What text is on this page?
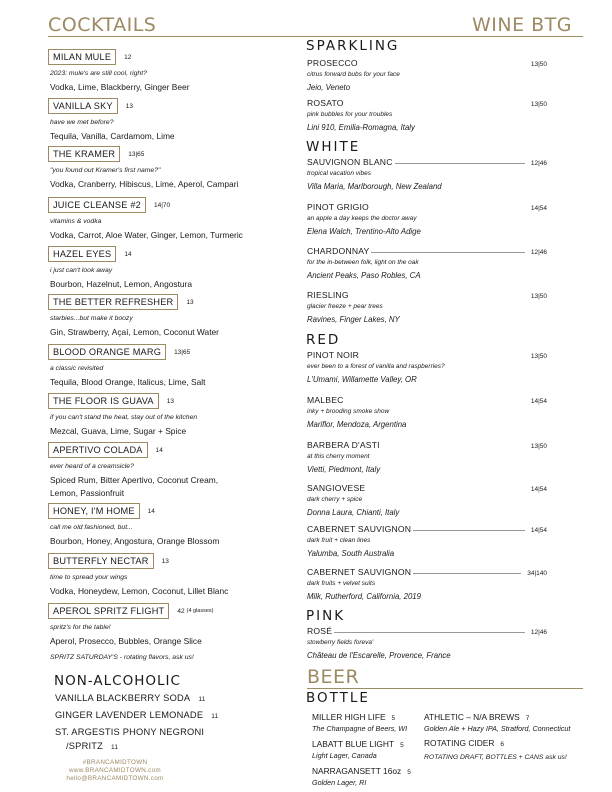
COCKTAILS	WINE BTG
MILAN MULE	12
2023: mule's are still cool, right?
Vodka, Lime, Blackberry, Ginger Beer
VANILLA SKY	13
have we met before?
Tequila, Vanilla, Cardamom, Lime
THE KRAMER	13|65
"you found out Kramer's first name?"
Vodka, Cranberry, Hibiscus, Lime, Aperol, Campari
JUICE CLEANSE #2	14|70
vitamins & vodka
Vodka, Carrot, Aloe Water, Ginger, Lemon, Turmeric
HAZEL EYES	14
i just can't look away
Bourbon, Hazelnut, Lemon, Angostura
THE BETTER REFRESHER	13
starbies...but make it boozy
Gin, Strawberry, Açaí, Lemon, Coconut Water
BLOOD ORANGE MARG	13|65
a classic revisited
Tequila, Blood Orange, Italicus, Lime, Salt
THE FLOOR IS GUAVA	13
if you can't stand the heat, stay out of the kitchen
Mezcal, Guava, Lime, Sugar + Spice
APERTIVO COLADA	14
ever heard of a creamsicle?
Spiced Rum, Bitter Apertivo, Coconut Cream,
Lemon, Passionfruit
HONEY, I'M HOME	14
call me old fashioned, but...
Bourbon, Honey, Angostura, Orange Blossom
BUTTERFLY NECTAR	13
time to spread your wings
Vodka, Honeydew, Lemon, Coconut, Lillet Blanc
APEROL SPRITZ FLIGHT	42 (4 glasses)
spritz's for the table!
Aperol, Prosecco, Bubbles, Orange Slice
SPRITZ SATURDAY'S - rotating flavors, ask us!
NON-ALCOHOLIC
VANILLA BLACKBERRY SODA 11
GINGER LAVENDER LEMONADE 11
ST. ARGESTIS PHONY NEGRONI
/SPRITZ 11
#BRANCAMIDTOWN
www.BRANCAMIDTOWN.com
hello@BRANCAMIDTOWN.com
SPARKLING
PROSECCO	13|50
citrus forward bubs for your face
Jeio, Veneto
ROSATO	13|50
pink bubbles for your troubles
Lini 910, Emilia-Romagna, Italy
WHITE
SAUVIGNON BLANC	12|46
tropical vacation vibes
Villa Maria, Marlborough, New Zealand
PINOT GRIGIO	14|54
an apple a day keeps the doctor away
Elena Walch, Trentino-Alto Adige
CHARDONNAY	12|46
for the in-between folk, light on the oak
Ancient Peaks, Paso Robles, CA
RIESLING	13|50
glacier freeze + pear trees
Ravines, Finger Lakes, NY
RED
PINOT NOIR	13|50
ever been to a forest of vanilla and raspberries?
L'Umami, Willamette Valley, OR
MALBEC	14|54
inky + brooding smoke show
Mariflor, Mendoza, Argentina
BARBERA D'ASTI	13|50
at this cherry moment
Vietti, Piedmont, Italy
SANGIOVESE	14|54
dark cherry + spice
Donna Laura, Chianti, Italy
CABERNET SAUVIGNON	14|54
dark fruit + clean lines
Yalumba, South Australia
CABERNET SAUVIGNON	34|140
dark fruits + velvet suits
Milk, Rutherford, California, 2019
PINK
ROSÉ	12|46
stowberry fields foreva'
Château de l'Escarelle, Provence, France
BEER
BOTTLE
MILLER HIGH LIFE 5
The Champagne of Beers, WI
LABATT BLUE LIGHT 5
Light Lager, Canada
NARRAGANSETT 16oz 5
Golden Lager, RI
ATHLETIC – N/A BREWS 7
Golden Ale + Hazy IPA, Stratford, Connecticut
ROTATING CIDER 6
ROTATING DRAFT, BOTTLES + CANS ask us!
